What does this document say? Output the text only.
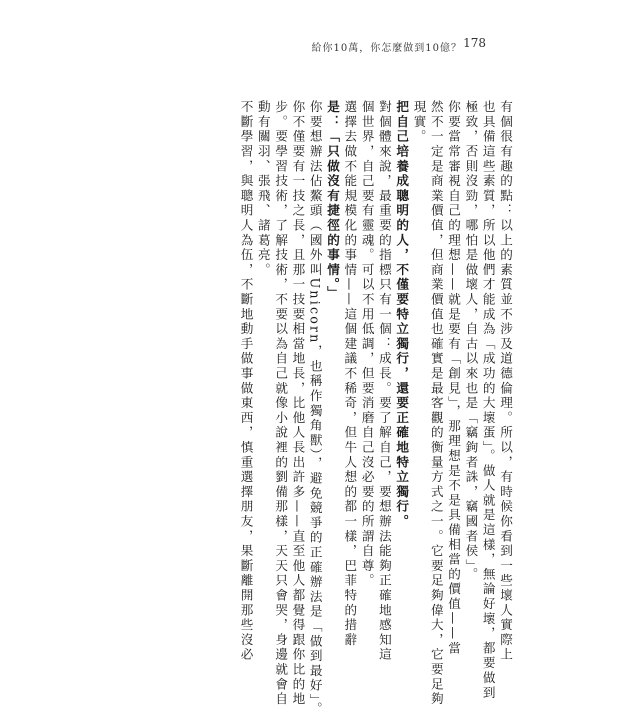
給你10萬，你怎麼做到10億？ 178
有個很有趣的點：以上的素質並不涉及道德倫理。所以，有時候你看到一些壞人實際上
也具備這些素質，所以他們才能成為「成功的大壞蛋」。做人就是這樣，無論好壞，都要做到
極致，否則沒勁，哪怕是做壞人，自古以來也是「竊鉤者誅，竊國者侯」。
你要當常審視自己的理想——就是要有「創見」，那理想是不是具備相當的價值——當
然不一定是商業價值，但商業價值也確實是最客觀的衡量方式之一。它要足夠偉大，它要足夠
現實。
把自己培養成聰明的人，不僅要特立獨行，還要正確地特立獨行。
對個體來說，最重要的指標只有一個：成長。要了解自己，要想辦法能夠正確地感知這
個世界，自己要有靈魂。可以不用低調，但要消磨自己沒必要的所謂自尊。
選擇去做不能規模化的事情——這個建議不稀奇，但牛人想的都一樣，巴菲特的措辭
是：「只做沒有捷徑的事情。」
你要想辦法佔鰲頭（國外叫Unicorn，也稱作獨角獸），避免競爭的正確辦法是「做到最好」。
你不僅要有一技之長，且那一技要相當地長，比他人長出許多——直至他人都覺得跟你比的地
步。要學習技術，了解技術，不要以為自己就像小說裡的劉備那樣，天天只會哭，身邊就會自
動有關羽、張飛、諸葛亮。
不斷學習，與聰明人為伍，不斷地動手做事做東西，慎重選擇朋友，果斷離開那些沒必
